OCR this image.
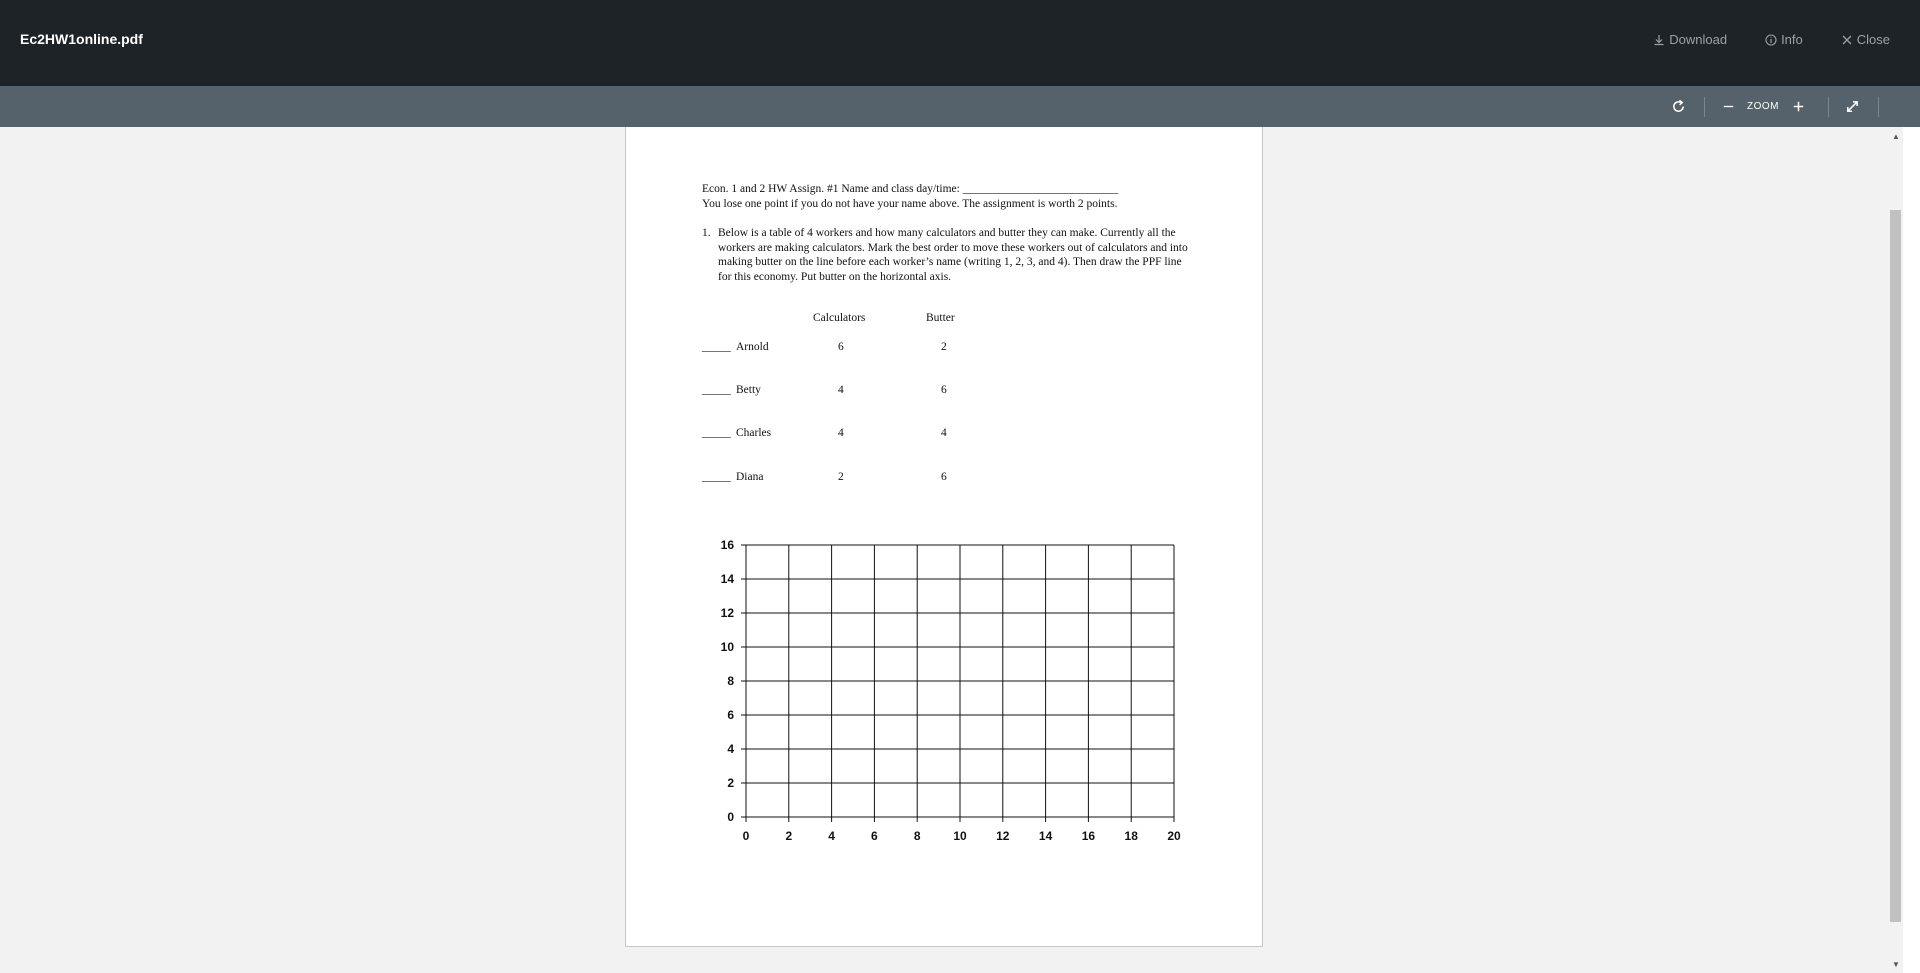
Ec2HW1online.pdf	Download	Info	Close
ZOOM
Econ. 1 and 2 HW Assign. #1 Name and class day/time: ___________________________
You lose one point if you do not have your name above. The assignment is worth 2 points.
1. Below is a table of 4 workers and how many calculators and butter they can make. Currently all the workers are making calculators. Mark the best order to move these workers out of calculators and into making butter on the line before each worker’s name (writing 1, 2, 3, and 4). Then draw the PPF line for this economy. Put butter on the horizontal axis.
Calculators	Butter
_____ Arnold	6	2
_____ Betty	4	6
_____ Charles	4	4
_____ Diana	2	6
0	2	4	6	8	10 12 14 16 18 20
0
2
4
6
8
10
12
14
16
▲
▼
